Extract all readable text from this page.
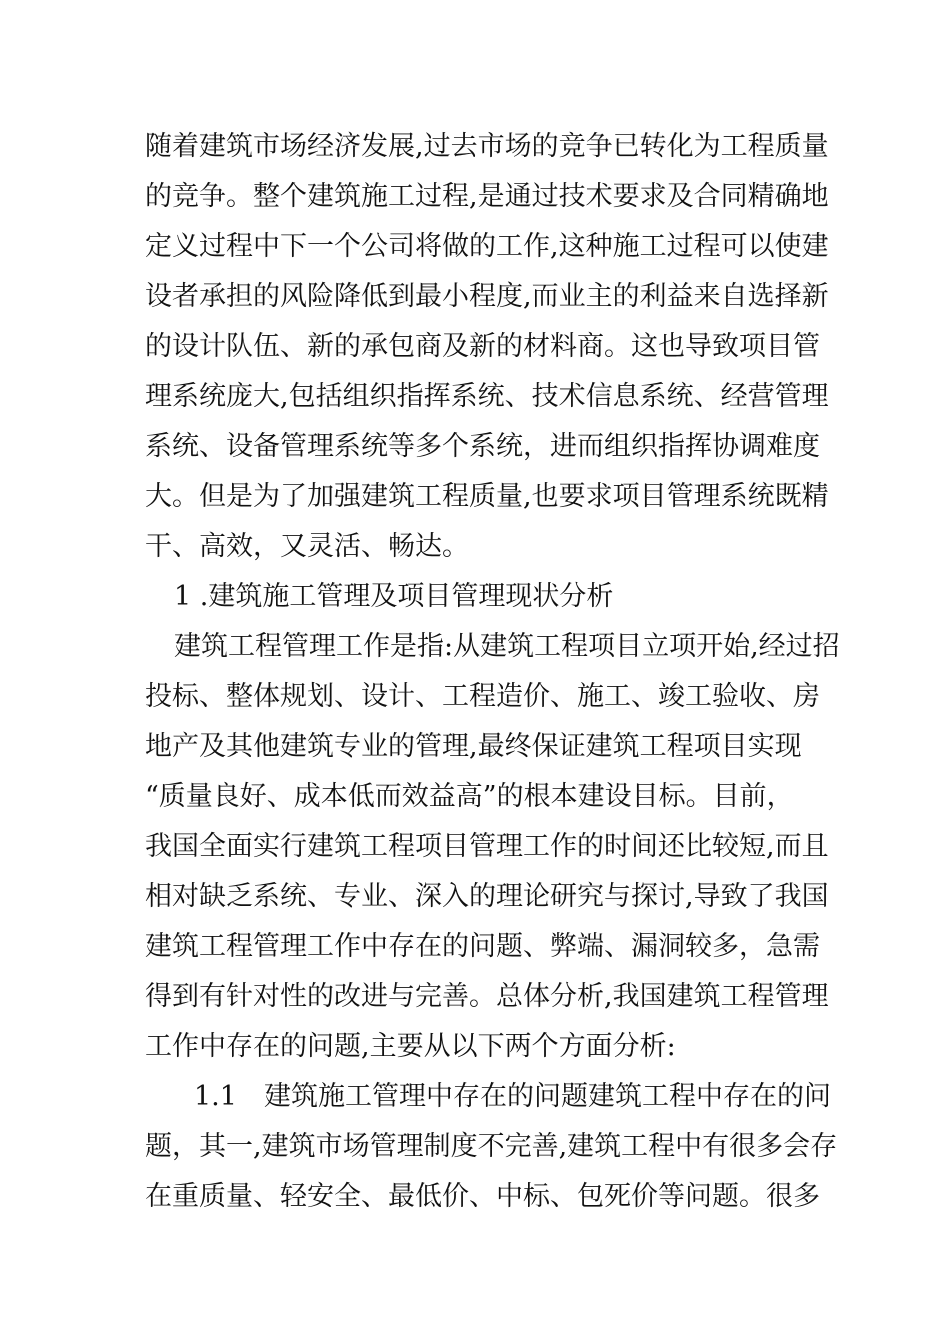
随着建筑市场经济发展,过去市场的竞争已转化为工程质量
的竞争。整个建筑施工过程,是通过技术要求及合同精确地
定义过程中下一个公司将做的工作,这种施工过程可以使建
设者承担的风险降低到最小程度,而业主的利益来自选择新
的设计队伍、新的承包商及新的材料商。这也导致项目管
理系统庞大,包括组织指挥系统、技术信息系统、经营管理
系统、设备管理系统等多个系统，进而组织指挥协调难度
大。但是为了加强建筑工程质量,也要求项目管理系统既精
干、高效，又灵活、畅达。
1 .建筑施工管理及项目管理现状分析
建筑工程管理工作是指:从建筑工程项目立项开始,经过招
投标、整体规划、设计、工程造价、施工、竣工验收、房
地产及其他建筑专业的管理,最终保证建筑工程项目实现
“质量良好、成本低而效益高”的根本建设目标。目前，
我国全面实行建筑工程项目管理工作的时间还比较短,而且
相对缺乏系统、专业、深入的理论研究与探讨,导致了我国
建筑工程管理工作中存在的问题、弊端、漏洞较多，急需
得到有针对性的改进与完善。总体分析,我国建筑工程管理
工作中存在的问题,主要从以下两个方面分析:
1.1　建筑施工管理中存在的问题建筑工程中存在的问
题，其一,建筑市场管理制度不完善,建筑工程中有很多会存
在重质量、轻安全、最低价、中标、包死价等问题。很多
